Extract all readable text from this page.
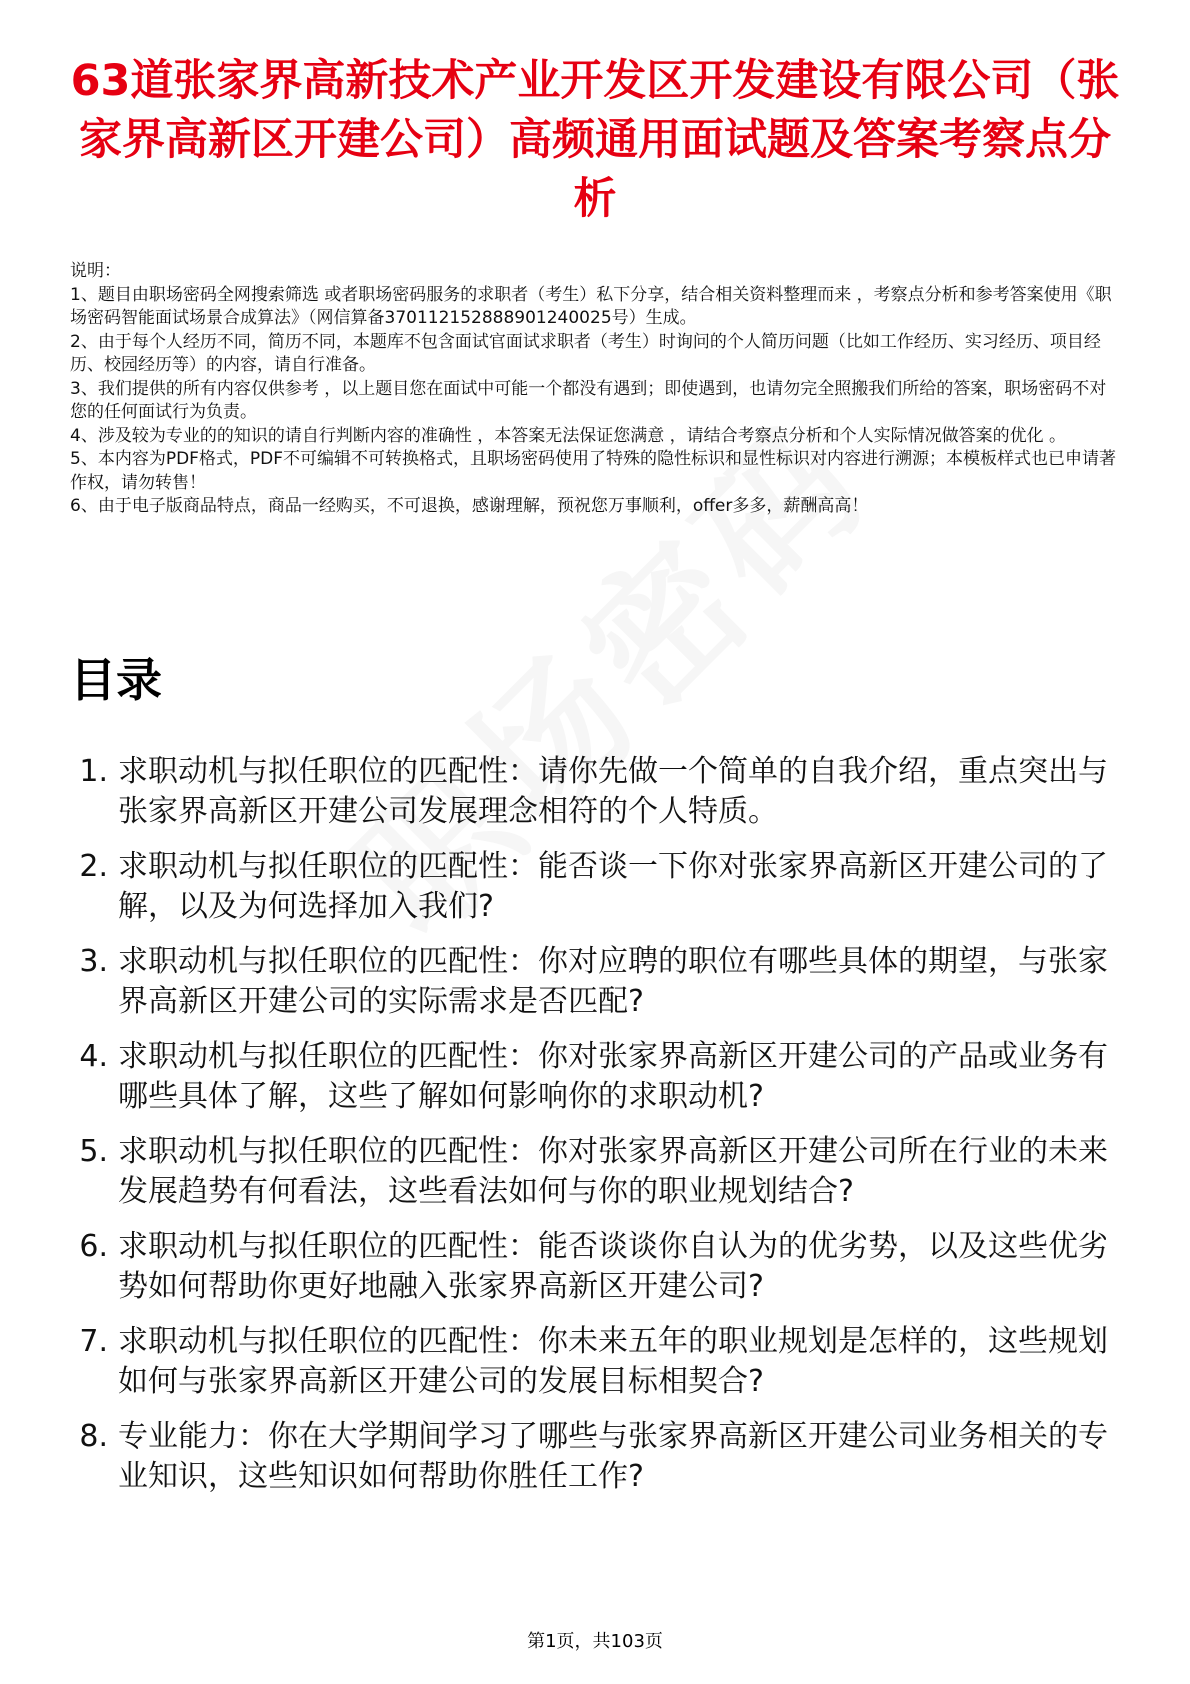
63道张家界高新技术产业开发区开发建设有限公司（张家界高新区开建公司）高频通用面试题及答案考察点分析

说明：

1、题目由职场密码全网搜索筛选 或者职场密码服务的求职者（考生）私下分享，结合相关资料整理而来 ，考察点分析和参考答案使用《职场密码智能面试场景合成算法》（网信算备370112152888901240025号）生成。

2、由于每个人经历不同，简历不同，本题库不包含面试官面试求职者（考生）时询问的个人简历问题（比如工作经历、实习经历、项目经历、校园经历等）的内容，请自行准备。

3、我们提供的所有内容仅供参考 ，以上题目您在面试中可能一个都没有遇到；即使遇到，也请勿完全照搬我们所给的答案，职场密码不对您的任何面试行为负责。

4、涉及较为专业的的知识的请自行判断内容的准确性 ，本答案无法保证您满意 ，请结合考察点分析和个人实际情况做答案的优化 。

5、本内容为PDF格式，PDF不可编辑不可转换格式，且职场密码使用了特殊的隐性标识和显性标识对内容进行溯源；本模板样式也已申请著作权，请勿转售！

6、由于电子版商品特点，商品一经购买，不可退换，感谢理解，预祝您万事顺利，offer多多，薪酬高高！

目录
1. 求职动机与拟任职位的匹配性：请你先做一个简单的自我介绍，重点突出与张家界高新区开建公司发展理念相符的个人特质。
2. 求职动机与拟任职位的匹配性：能否谈一下你对张家界高新区开建公司的了解，以及为何选择加入我们?
3. 求职动机与拟任职位的匹配性：你对应聘的职位有哪些具体的期望，与张家界高新区开建公司的实际需求是否匹配?
4. 求职动机与拟任职位的匹配性：你对张家界高新区开建公司的产品或业务有哪些具体了解，这些了解如何影响你的求职动机?
5. 求职动机与拟任职位的匹配性：你对张家界高新区开建公司所在行业的未来发展趋势有何看法，这些看法如何与你的职业规划结合?
6. 求职动机与拟任职位的匹配性：能否谈谈你自认为的优劣势，以及这些优劣势如何帮助你更好地融入张家界高新区开建公司?
7. 求职动机与拟任职位的匹配性：你未来五年的职业规划是怎样的，这些规划如何与张家界高新区开建公司的发展目标相契合?
8. 专业能力：你在大学期间学习了哪些与张家界高新区开建公司业务相关的专业知识，这些知识如何帮助你胜任工作?
第1页，共103页
